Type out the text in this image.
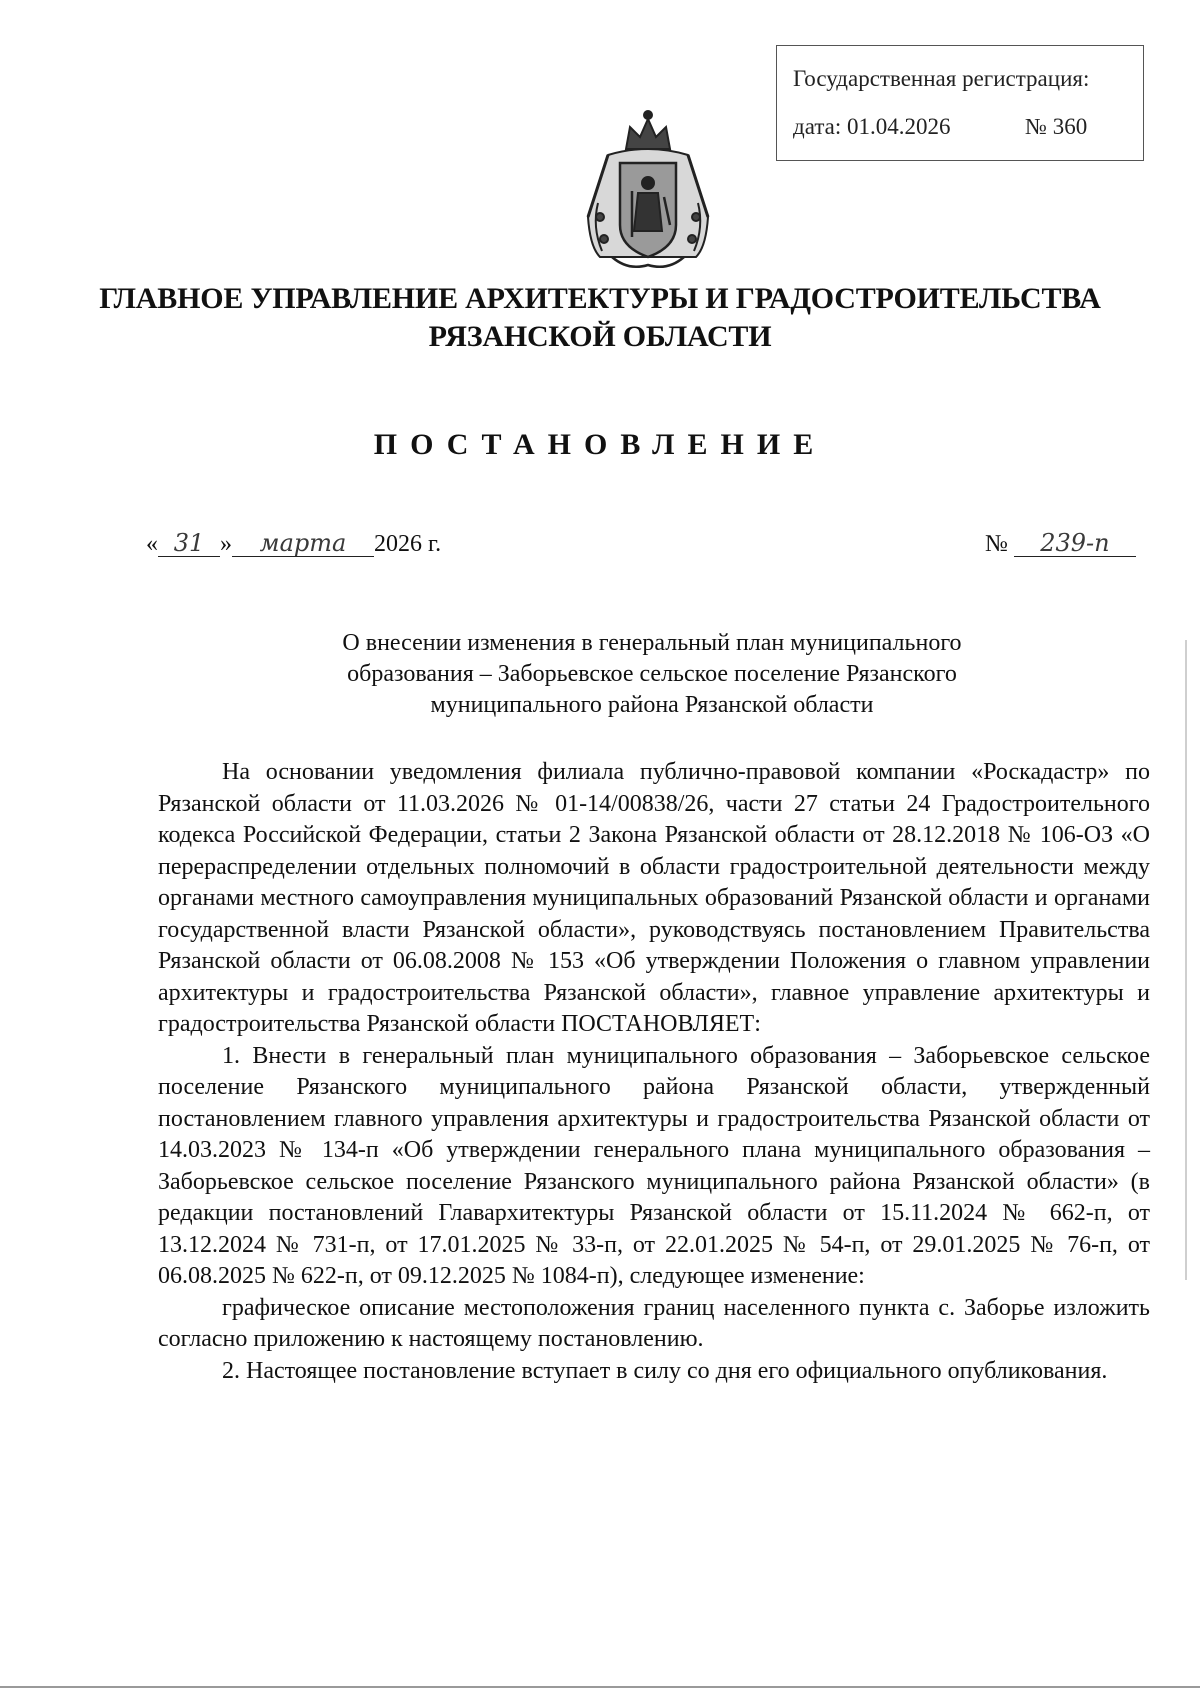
Государственная регистрация:
дата: 01.04.2026	№ 360
ГЛАВНОЕ УПРАВЛЕНИЕ АРХИТЕКТУРЫ И ГРАДОСТРОИТЕЛЬСТВА
РЯЗАНСКОЙ ОБЛАСТИ
ПОСТАНОВЛЕНИЕ
« 31 » марта 2026 г.	№ 239-п
О внесении изменения в генеральный план муниципального
образования – Заборьевское сельское поселение Рязанского
муниципального района Рязанской области

На основании уведомления филиала публично-правовой компании «Роскадастр» по Рязанской области от 11.03.2026 № 01-14/00838/26, части 27 статьи 24 Градостроительного кодекса Российской Федерации, статьи 2 Закона Рязанской области от 28.12.2018 № 106-ОЗ «О перераспределении отдельных полномочий в области градостроительной деятельности между органами местного самоуправления муниципальных образований Рязанской области и органами государственной власти Рязанской области», руководствуясь постановлением Правительства Рязанской области от 06.08.2008 № 153 «Об утверждении Положения о главном управлении архитектуры и градостроительства Рязанской области», главное управление архитектуры и градостроительства Рязанской области ПОСТАНОВЛЯЕТ:

1. Внести в генеральный план муниципального образования – Заборьевское сельское поселение Рязанского муниципального района Рязанской области, утвержденный постановлением главного управления архитектуры и градостроительства Рязанской области от 14.03.2023 № 134-п «Об утверждении генерального плана муниципального образования – Заборьевское сельское поселение Рязанского муниципального района Рязанской области» (в редакции постановлений Главархитектуры Рязанской области от 15.11.2024 № 662-п, от 13.12.2024 № 731-п, от 17.01.2025 № 33-п, от 22.01.2025 № 54-п, от 29.01.2025 № 76-п, от 06.08.2025 № 622-п, от 09.12.2025 № 1084-п), следующее изменение:

графическое описание местоположения границ населенного пункта с. Заборье изложить согласно приложению к настоящему постановлению.

2. Настоящее постановление вступает в силу со дня его официального опубликования.
